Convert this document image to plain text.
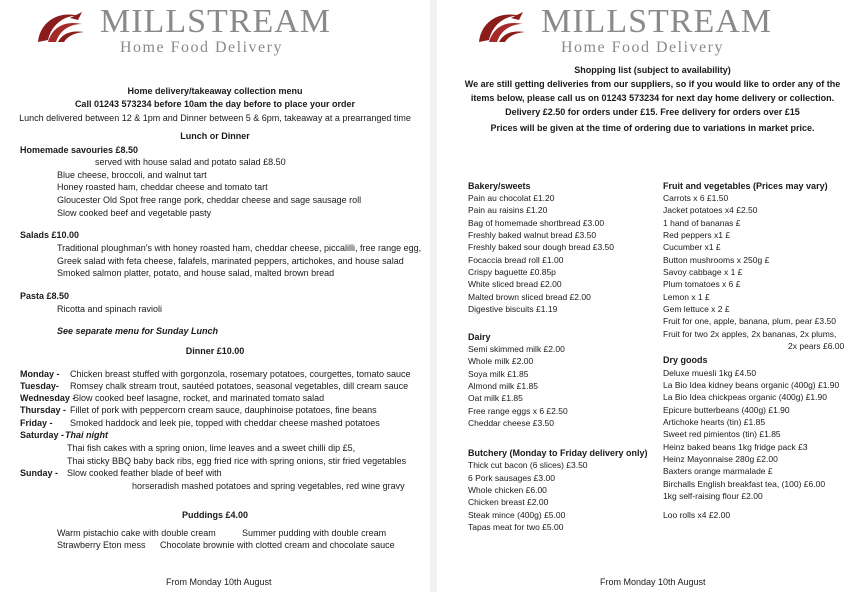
MILLSTREAM
Home Food Delivery
Home delivery/takeaway collection menu
Call 01243 573234 before 10am the day before to place your order
Lunch delivered between 12 & 1pm and Dinner between 5 & 6pm, takeaway at a prearranged time
Lunch or Dinner
Homemade savouries £8.50
served with house salad and potato salad £8.50
Blue cheese, broccoli, and walnut tart
Honey roasted ham, cheddar cheese and tomato tart
Gloucester Old Spot free range pork, cheddar cheese and sage sausage roll
Slow cooked beef and vegetable pasty
Salads £10.00
Traditional ploughman's with honey roasted ham, cheddar cheese, piccalilli, free range egg,
Greek salad with feta cheese, falafels, marinated peppers, artichokes, and house salad
Smoked salmon platter, potato, and house salad, malted brown bread
Pasta £8.50
Ricotta and spinach ravioli
See separate menu for Sunday Lunch
Dinner £10.00
Monday - Chicken breast stuffed with gorgonzola, rosemary potatoes, courgettes, tomato sauce
Tuesday- Romsey chalk stream trout, sautéed potatoes, seasonal vegetables, dill cream sauce
Wednesday -
Slow cooked beef lasagne, rocket, and marinated tomato salad
Thursday - Fillet of pork with peppercorn cream sauce, dauphinoise potatoes, fine beans
Friday - Smoked haddock and leek pie, topped with cheddar cheese mashed potatoes
Saturday - Thai night
Thai fish cakes with a spring onion, lime leaves and a sweet chilli dip £5,
Thai sticky BBQ baby back ribs, egg fried rice with spring onions, stir fried vegetables
Sunday - Slow cooked feather blade of beef with
horseradish mashed potatoes and spring vegetables, red wine gravy
Puddings £4.00
Warm pistachio cake with double cream	Summer pudding with double cream
Strawberry Eton mess Chocolate brownie with clotted cream and chocolate sauce
From Monday 10th August
MILLSTREAM
Home Food Delivery
Shopping list (subject to availability)
We are still getting deliveries from our suppliers, so if you would like to order any of the
items below, please call us on 01243 573234 for next day home delivery or collection.
Delivery £2.50 for orders under £15. Free delivery for orders over £15
Prices will be given at the time of ordering due to variations in market price.
Bakery/sweets
Pain au chocolat £1.20
Pain au raisins £1.20
Bag of homemade shortbread £3.00
Freshly baked walnut bread £3.50
Freshly baked sour dough bread £3.50
Focaccia bread roll £1.00
Crispy baguette £0.85p
White sliced bread £2.00
Malted brown sliced bread £2.00
Digestive biscuits £1.19
Dairy
Semi skimmed milk £2.00
Whole milk £2.00
Soya milk £1.85
Almond milk £1.85
Oat milk £1.85
Free range eggs x 6 £2.50
Cheddar cheese £3.50
Butchery (Monday to Friday delivery only)
Thick cut bacon (6 slices) £3.50
6 Pork sausages £3.00
Whole chicken £6.00
Chicken breast £2.00
Steak mince (400g) £5.00
Tapas meat for two £5.00
Fruit and vegetables (Prices may vary)
Carrots x 6 £1.50
Jacket potatoes x4 £2.50
1 hand of bananas £
Red peppers x1 £
Cucumber x1 £
Button mushrooms x 250g £
Savoy cabbage x 1 £
Plum tomatoes x 6 £
Lemon x 1 £
Gem lettuce x 2 £
Fruit for one, apple, banana, plum, pear £3.50
Fruit for two 2x apples, 2x bananas, 2x plums,
2x pears £6.00
Dry goods
Deluxe muesli 1kg £4.50
La Bio Idea kidney beans organic (400g) £1.90
La Bio Idea chickpeas organic (400g) £1.90
Epicure butterbeans (400g) £1.90
Artichoke hearts (tin) £1.85
Sweet red pimientos (tin) £1.85
Heinz baked beans 1kg fridge pack £3
Heinz Mayonnaise 280g £2.00
Baxters orange marmalade £
Birchalls English breakfast tea, (100) £6.00
1kg self-raising flour £2.00
Loo rolls x4 £2.00
From Monday 10th August
